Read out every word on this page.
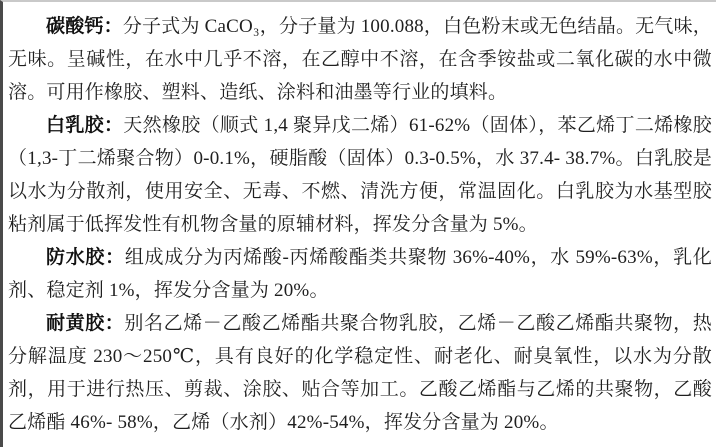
碳酸钙：分子式为 CaCO₃，分子量为 100.088，白色粉末或无色结晶。无气味，无味。呈碱性，在水中几乎不溶，在乙醇中不溶，在含季铵盐或二氧化碳的水中微溶。可用作橡胶、塑料、造纸、涂料和油墨等行业的填料。

白乳胶：天然橡胶（顺式 1,4 聚异戊二烯）61-62%（固体），苯乙烯丁二烯橡胶（1,3-丁二烯聚合物）0-0.1%，硬脂酸（固体）0.3-0.5%，水 37.4- 38.7%。白乳胶是以水为分散剂，使用安全、无毒、不燃、清洗方便，常温固化。白乳胶为水基型胶粘剂属于低挥发性有机物含量的原辅材料，挥发分含量为 5%。

防水胶：组成成分为丙烯酸-丙烯酸酯类共聚物 36%-40%，水 59%-63%，乳化剂、稳定剂 1%，挥发分含量为 20%。

耐黄胶：别名乙烯－乙酸乙烯酯共聚合物乳胶，乙烯－乙酸乙烯酯共聚物，热分解温度 230～250℃，具有良好的化学稳定性、耐老化、耐臭氧性，以水为分散剂，用于进行热压、剪裁、涂胶、贴合等加工。乙酸乙烯酯与乙烯的共聚物，乙酸乙烯酯 46%- 58%，乙烯（水剂）42%-54%，挥发分含量为 20%。
